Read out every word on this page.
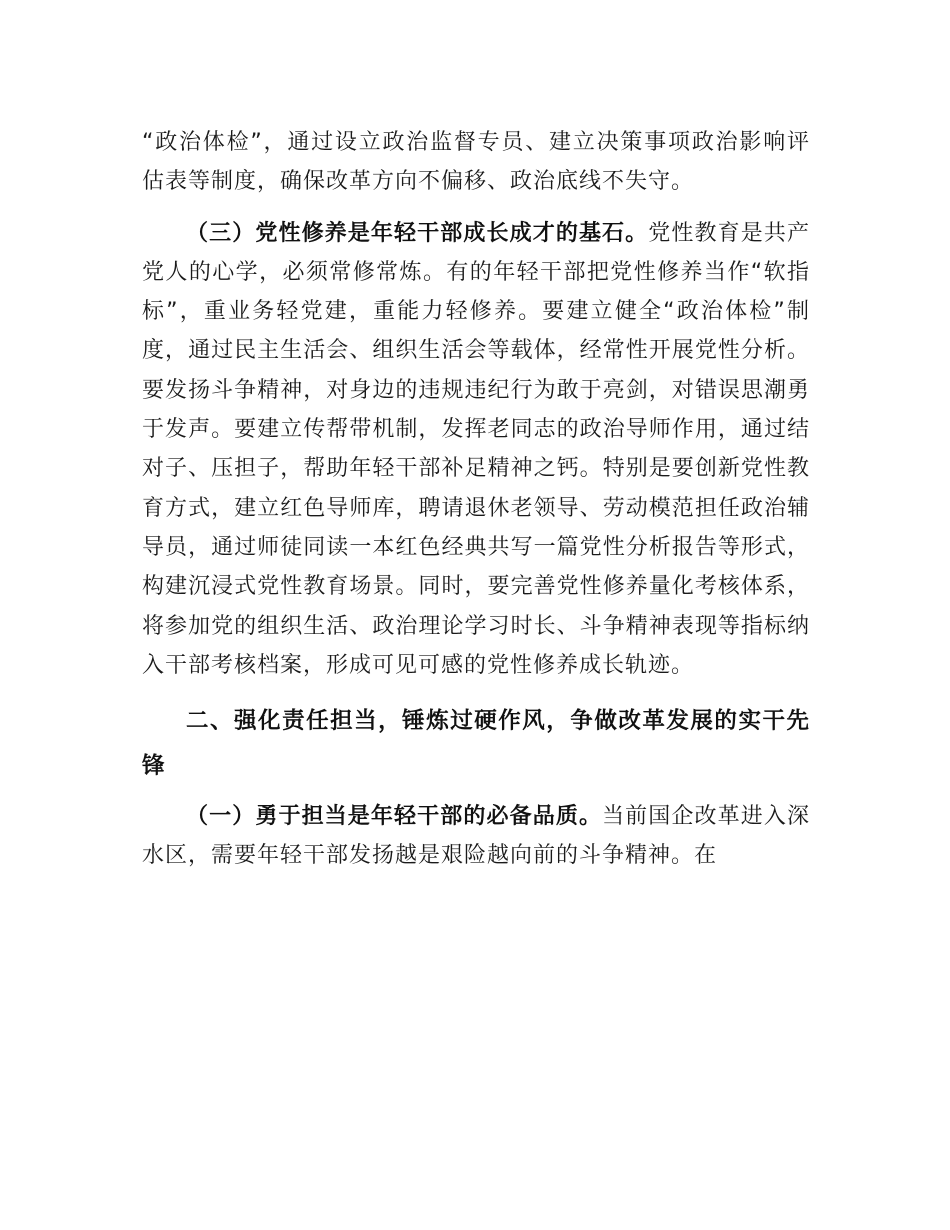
“政治体检”，通过设立政治监督专员、建立决策事项政治影响评估表等制度，确保改革方向不偏移、政治底线不失守。

（三）党性修养是年轻干部成长成才的基石。党性教育是共产党人的心学，必须常修常炼。有的年轻干部把党性修养当作“软指标”，重业务轻党建，重能力轻修养。要建立健全“政治体检”制度，通过民主生活会、组织生活会等载体，经常性开展党性分析。要发扬斗争精神，对身边的违规违纪行为敢于亮剑，对错误思潮勇于发声。要建立传帮带机制，发挥老同志的政治导师作用，通过结对子、压担子，帮助年轻干部补足精神之钙。特别是要创新党性教育方式，建立红色导师库，聘请退休老领导、劳动模范担任政治辅导员，通过师徒同读一本红色经典共写一篇党性分析报告等形式，构建沉浸式党性教育场景。同时，要完善党性修养量化考核体系，将参加党的组织生活、政治理论学习时长、斗争精神表现等指标纳入干部考核档案，形成可见可感的党性修养成长轨迹。

二、强化责任担当，锤炼过硬作风，争做改革发展的实干先锋

（一）勇于担当是年轻干部的必备品质。当前国企改革进入深水区，需要年轻干部发扬越是艰险越向前的斗争精神。在
